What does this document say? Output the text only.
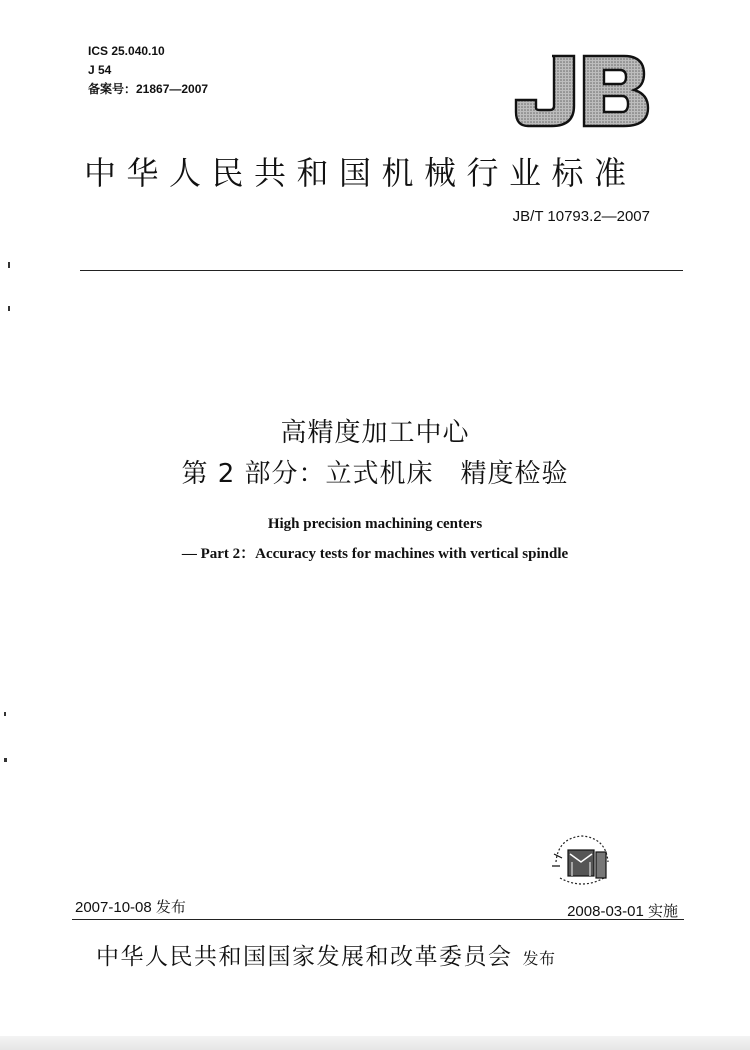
ICS 25.040.10
J 54
备案号：21867—2007
中华人民共和国机械行业标准
JB/T 10793.2—2007
高精度加工中心
第 2 部分：立式机床　精度检验
High precision machining centers
— Part 2：Accuracy tests for machines with vertical spindle
2007-10-08 发布	2008-03-01 实施
中华人民共和国国家发展和改革委员会 发布
